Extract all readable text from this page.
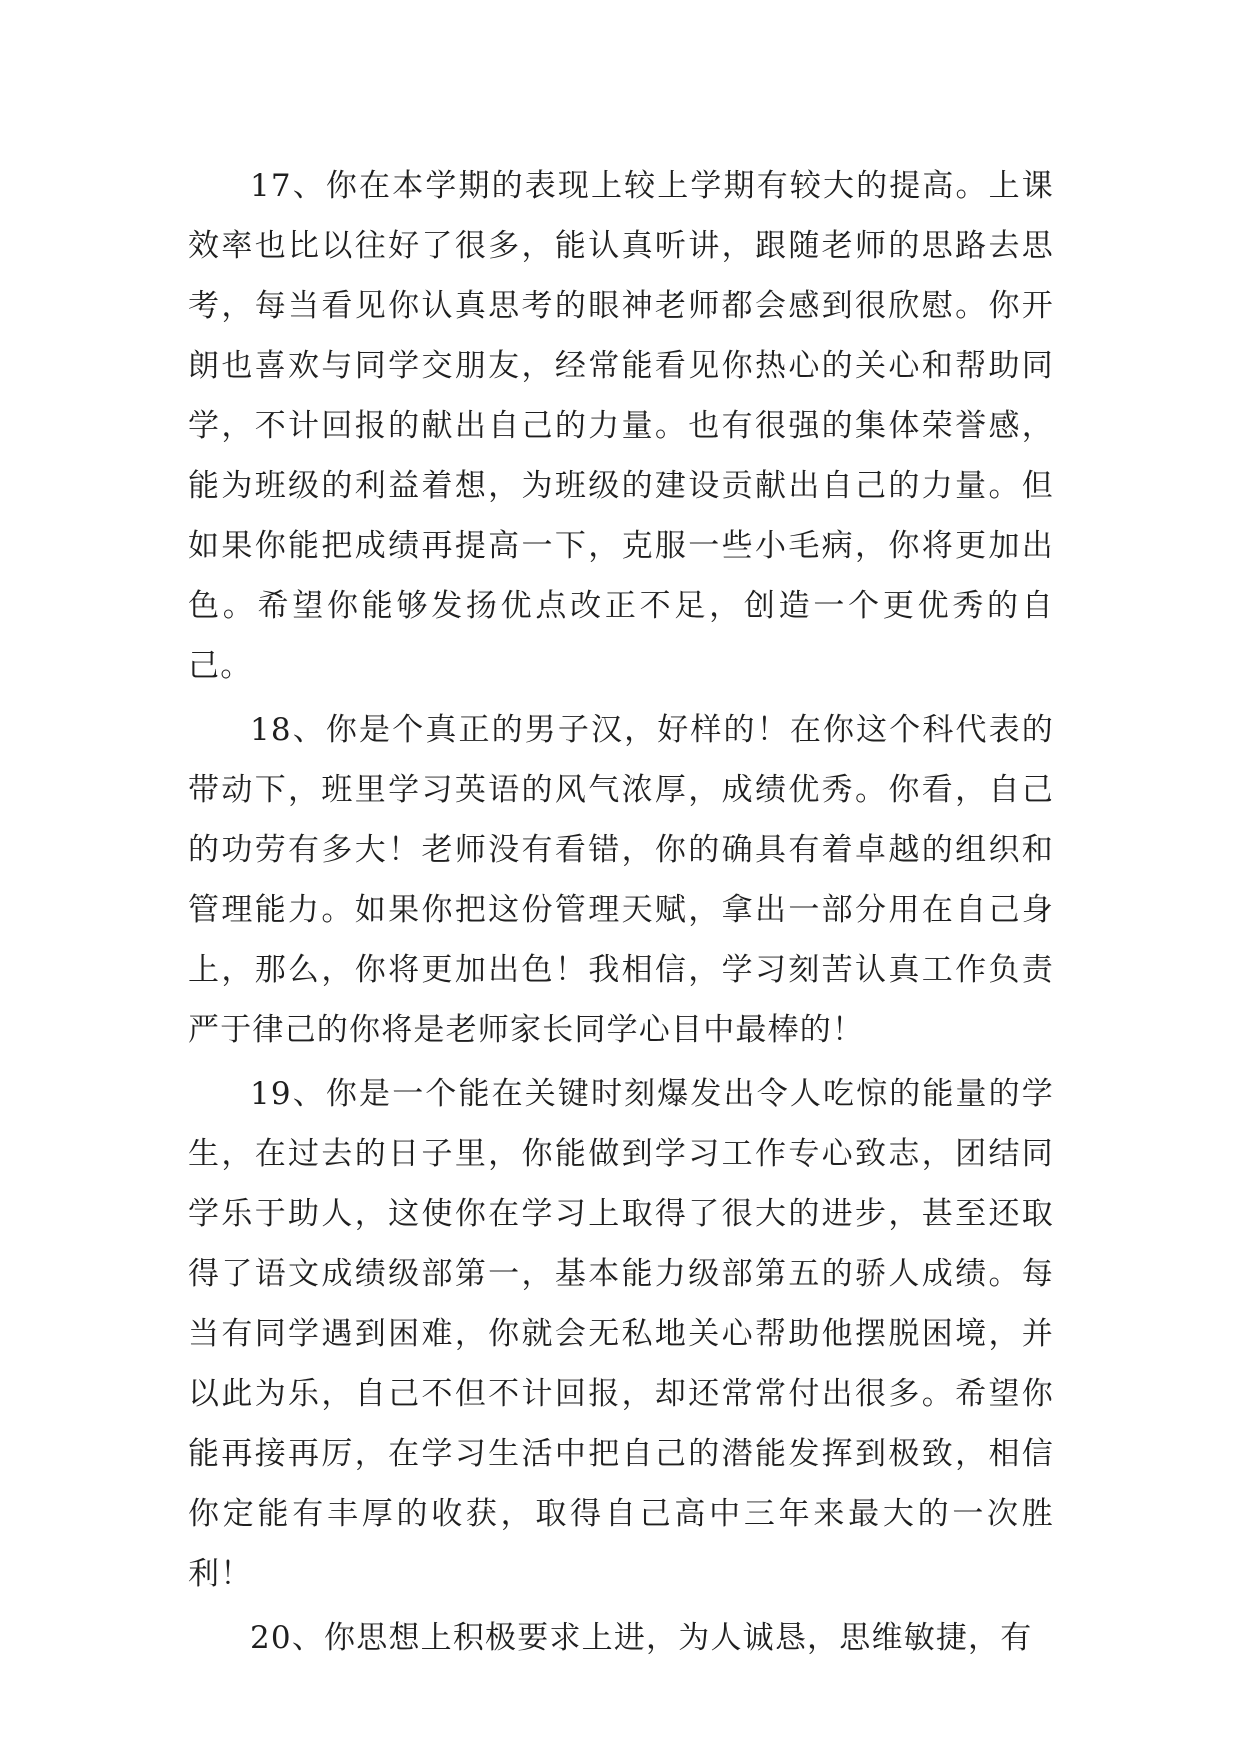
17、你在本学期的表现上较上学期有较大的提高。上课效率也比以往好了很多，能认真听讲，跟随老师的思路去思考，每当看见你认真思考的眼神老师都会感到很欣慰。你开朗也喜欢与同学交朋友，经常能看见你热心的关心和帮助同学，不计回报的献出自己的力量。也有很强的集体荣誉感，能为班级的利益着想，为班级的建设贡献出自己的力量。但如果你能把成绩再提高一下，克服一些小毛病，你将更加出色。希望你能够发扬优点改正不足，创造一个更优秀的自己。

18、你是个真正的男子汉，好样的！在你这个科代表的带动下，班里学习英语的风气浓厚，成绩优秀。你看，自己的功劳有多大！老师没有看错，你的确具有着卓越的组织和管理能力。如果你把这份管理天赋，拿出一部分用在自己身上，那么，你将更加出色！我相信，学习刻苦认真工作负责严于律己的你将是老师家长同学心目中最棒的！

19、你是一个能在关键时刻爆发出令人吃惊的能量的学生，在过去的日子里，你能做到学习工作专心致志，团结同学乐于助人，这使你在学习上取得了很大的进步，甚至还取得了语文成绩级部第一，基本能力级部第五的骄人成绩。每当有同学遇到困难，你就会无私地关心帮助他摆脱困境，并以此为乐，自己不但不计回报，却还常常付出很多。希望你能再接再厉，在学习生活中把自己的潜能发挥到极致，相信你定能有丰厚的收获，取得自己高中三年来最大的一次胜利！

20、你思想上积极要求上进，为人诚恳，思维敏捷，有
